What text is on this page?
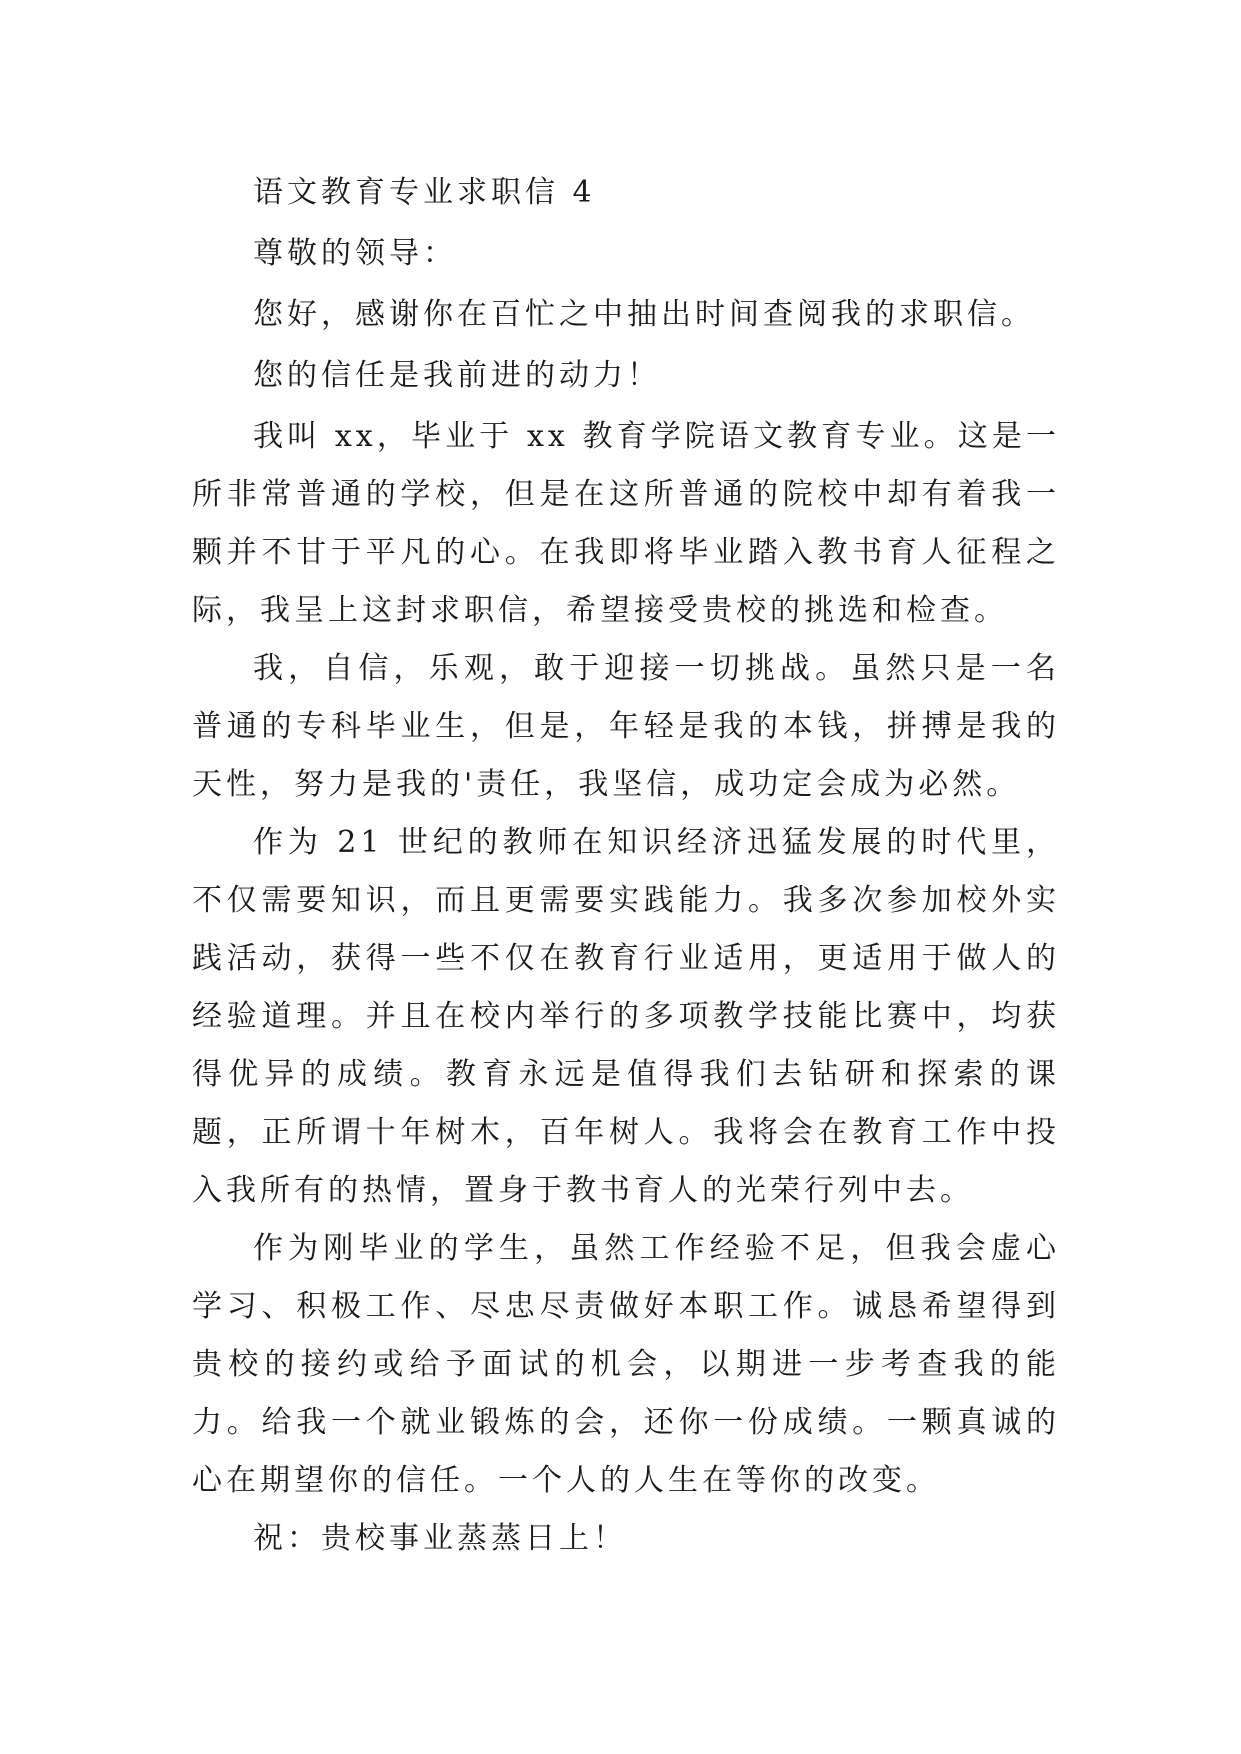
语文教育专业求职信 4

尊敬的领导：

您好，感谢你在百忙之中抽出时间查阅我的求职信。

您的信任是我前进的动力！

我叫 xx，毕业于 xx 教育学院语文教育专业。这是一所非常普通的学校，但是在这所普通的院校中却有着我一颗并不甘于平凡的心。在我即将毕业踏入教书育人征程之际，我呈上这封求职信，希望接受贵校的挑选和检查。

我，自信，乐观，敢于迎接一切挑战。虽然只是一名普通的专科毕业生，但是，年轻是我的本钱，拼搏是我的天性，努力是我的'责任，我坚信，成功定会成为必然。

作为 21 世纪的教师在知识经济迅猛发展的时代里，不仅需要知识，而且更需要实践能力。我多次参加校外实践活动，获得一些不仅在教育行业适用，更适用于做人的经验道理。并且在校内举行的多项教学技能比赛中，均获得优异的成绩。教育永远是值得我们去钻研和探索的课题，正所谓十年树木，百年树人。我将会在教育工作中投入我所有的热情，置身于教书育人的光荣行列中去。

作为刚毕业的学生，虽然工作经验不足，但我会虚心学习、积极工作、尽忠尽责做好本职工作。诚恳希望得到贵校的接约或给予面试的机会，以期进一步考查我的能力。给我一个就业锻炼的会，还你一份成绩。一颗真诚的心在期望你的信任。一个人的人生在等你的改变。

祝：贵校事业蒸蒸日上！
